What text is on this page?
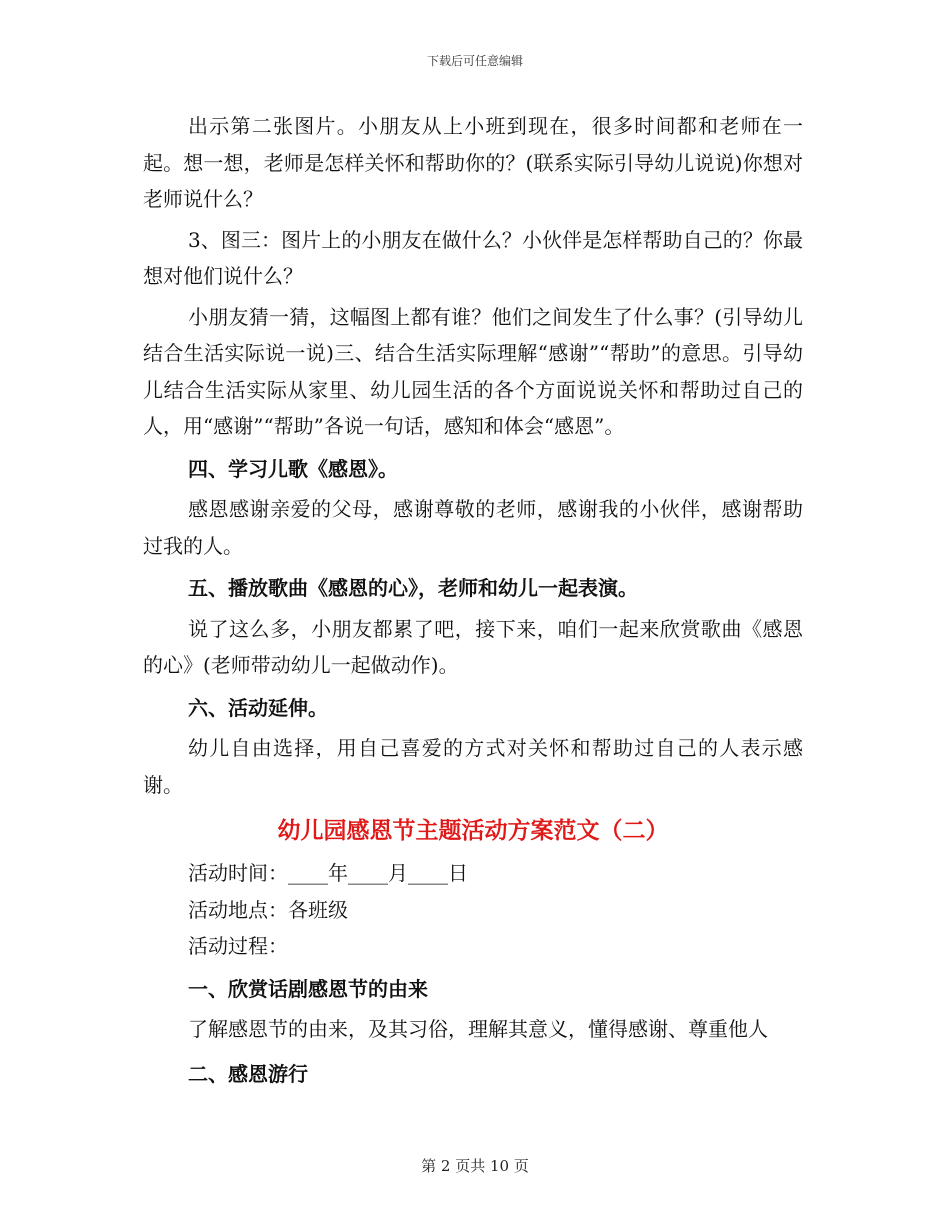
下载后可任意编辑

出示第二张图片。小朋友从上小班到现在，很多时间都和老师在一起。想一想，老师是怎样关怀和帮助你的？(联系实际引导幼儿说说)你想对老师说什么？

3、图三：图片上的小朋友在做什么？小伙伴是怎样帮助自己的？你最想对他们说什么？

小朋友猜一猜，这幅图上都有谁？他们之间发生了什么事？(引导幼儿结合生活实际说一说)三、结合生活实际理解“感谢”“帮助”的意思。引导幼儿结合生活实际从家里、幼儿园生活的各个方面说说关怀和帮助过自己的人，用“感谢”“帮助”各说一句话，感知和体会“感恩”。

四、学习儿歌《感恩》。

感恩感谢亲爱的父母，感谢尊敬的老师，感谢我的小伙伴，感谢帮助过我的人。

五、播放歌曲《感恩的心》，老师和幼儿一起表演。

说了这么多，小朋友都累了吧，接下来，咱们一起来欣赏歌曲《感恩的心》(老师带动幼儿一起做动作)。

六、活动延伸。

幼儿自由选择，用自己喜爱的方式对关怀和帮助过自己的人表示感谢。

幼儿园感恩节主题活动方案范文（二）

活动时间：____年____月____日

活动地点：各班级

活动过程：

一、欣赏话剧感恩节的由来

了解感恩节的由来，及其习俗，理解其意义，懂得感谢、尊重他人

二、感恩游行

第 2 页共 10 页
